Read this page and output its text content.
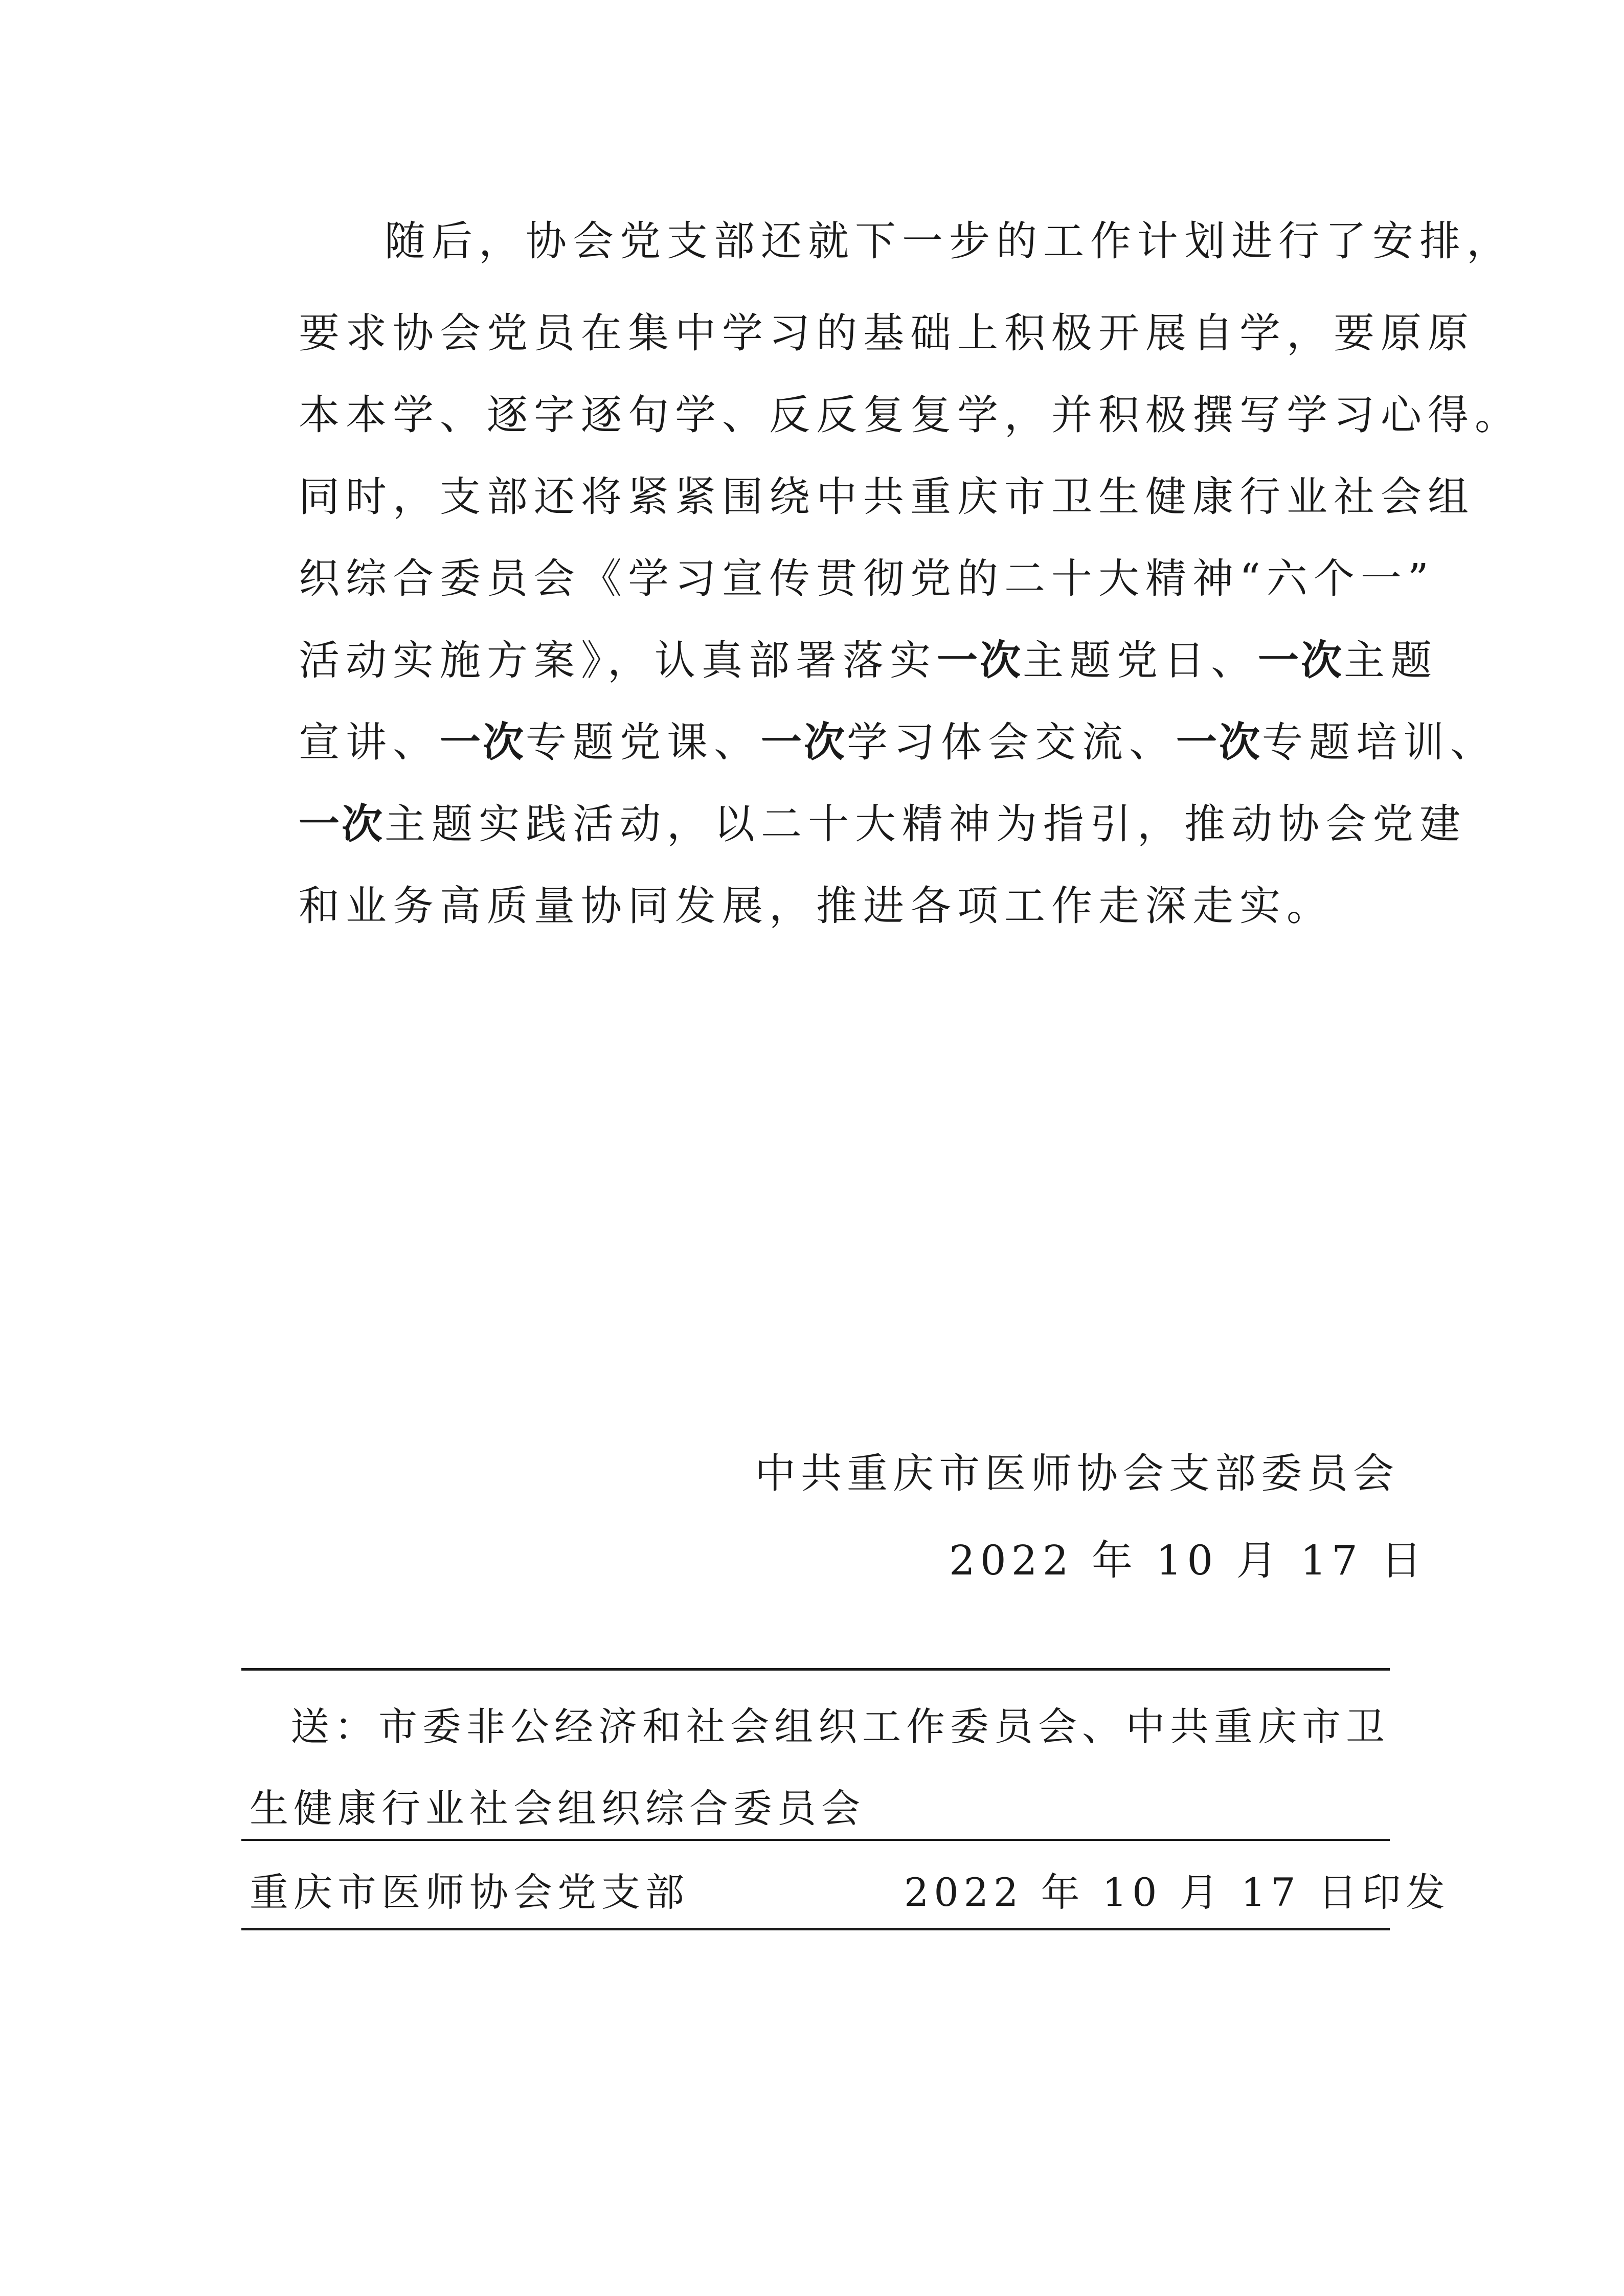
随后，协会党支部还就下一步的工作计划进行了安排，
要求协会党员在集中学习的基础上积极开展自学，要原原
本本学、逐字逐句学、反反复复学，并积极撰写学习心得。
同时，支部还将紧紧围绕中共重庆市卫生健康行业社会组
织综合委员会《学习宣传贯彻党的二十大精神“六个一”
活动实施方案》，认真部署落实一次主题党日、一次主题
宣讲、一次专题党课、一次学习体会交流、一次专题培训、
一次主题实践活动，以二十大精神为指引，推动协会党建
和业务高质量协同发展，推进各项工作走深走实。
中共重庆市医师协会支部委员会
2022 年 10 月 17 日
送：市委非公经济和社会组织工作委员会、中共重庆市卫
生健康行业社会组织综合委员会
重庆市医师协会党支部	2022 年 10 月 17 日印发
